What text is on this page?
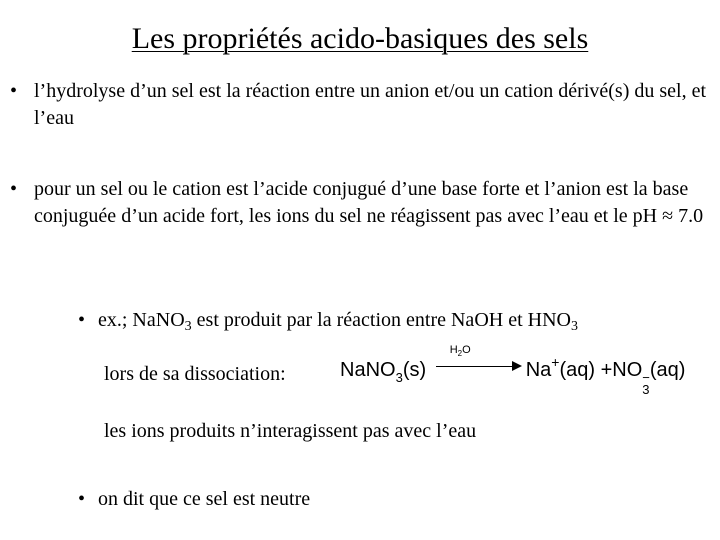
Les propriétés acido-basiques des sels
• l’hydrolyse d’un sel est la réaction entre un anion et/ou un cation dérivé(s) du sel, et l’eau
• pour un sel ou le cation est l’acide conjugué d’une base forte et l’anion est la base conjuguée d’un acide fort, les ions du sel ne réagissent pas avec l’eau et le pH ≈ 7.0
• ex.; NaNO$_3$ est produit par la réaction entre NaOH et $HNO_3$
lors de sa dissociation:	NaNO3(s)
H2O
Na+(aq) +NO −
3
(aq)
les ions produits n’interagissent pas avec l’eau
• on dit que ce sel est neutre
